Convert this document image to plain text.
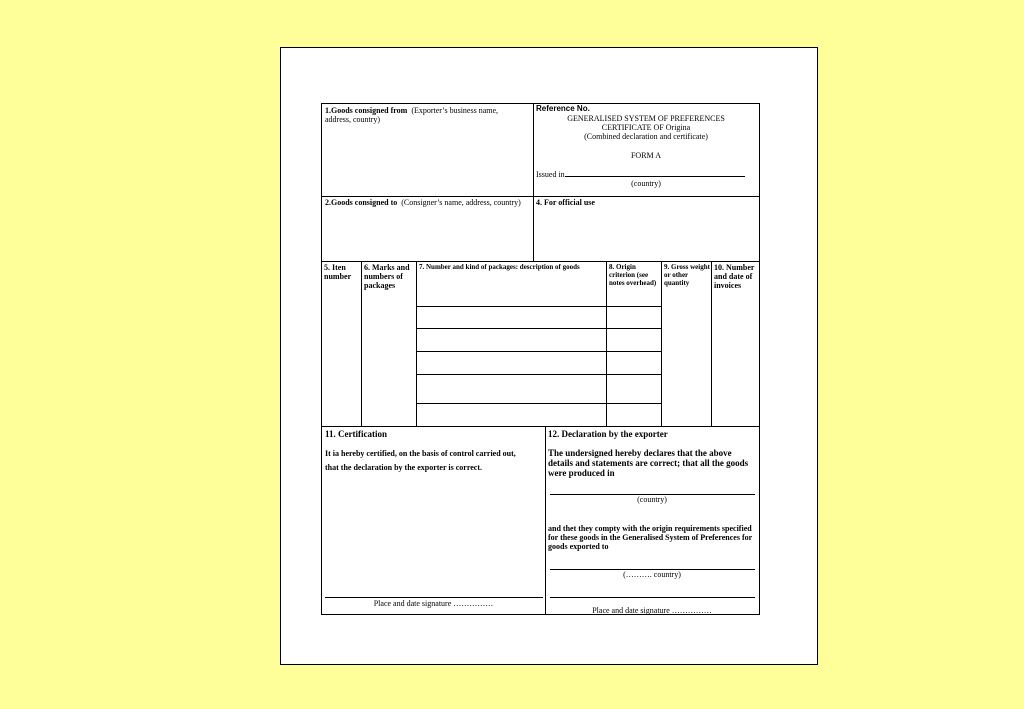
1.Goods consigned from (Exporter’s business name, address, country)
Reference No.
GENERALISED SYSTEM OF PREFERENCES
CERTIFICATE OF Origina
(Combined declaration and certificate)
FORM A
Issued in
(country)
2.Goods consigned to (Consigner’s name, address, country)	4. For official use
5. Iten number
6. Marks and numbers of packages
7. Number and kind of packages: description of goods	8. Origin criterion (see notes overhead)
9. Gross weight or other quantity
10. Number and date of invoices
11. Certification
It ia hereby certified, on the basis of control carried out,
that the declaration by the exporter is correct.
Place and date signature ……………
12. Declaration by the exporter
The undersigned hereby declares that the above details and statements are correct; that all the goods were produced in
(country)
and thet they compty with the origin requirements specified for these goods in the Generalised System of Preferences for goods exported to
(………. country)
Place and date signature ……………
